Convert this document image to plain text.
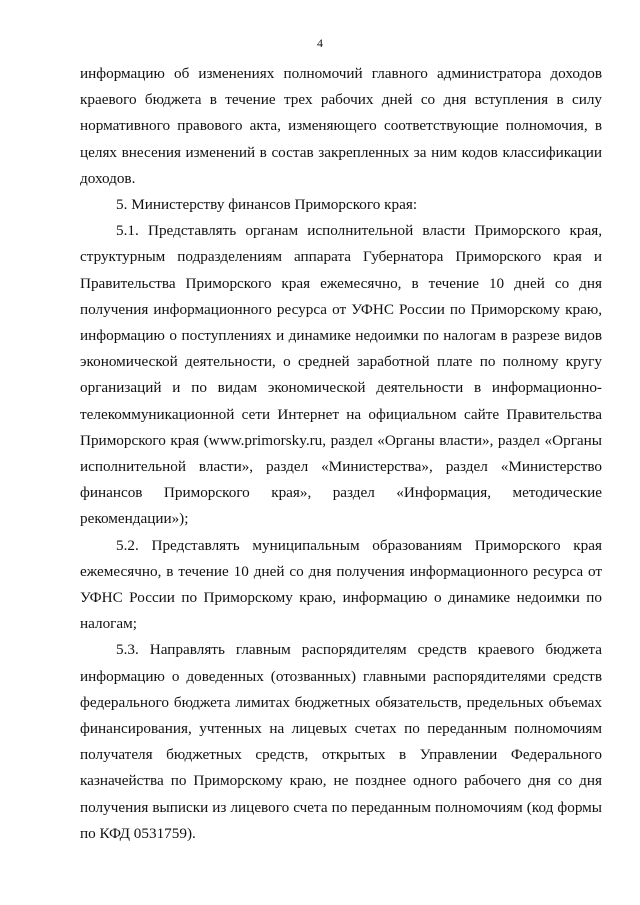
4

информацию об изменениях полномочий главного администратора доходов краевого бюджета в течение трех рабочих дней со дня вступления в силу нормативного правового акта, изменяющего соответствующие полномочия, в целях внесения изменений в состав закрепленных за ним кодов классификации доходов.

5. Министерству финансов Приморского края:

5.1. Представлять органам исполнительной власти Приморского края, структурным подразделениям аппарата Губернатора Приморского края и Правительства Приморского края ежемесячно, в течение 10 дней со дня получения информационного ресурса от УФНС России по Приморскому краю, информацию о поступлениях и динамике недоимки по налогам в разрезе видов экономической деятельности, о средней заработной плате по полному кругу организаций и по видам экономической деятельности в информационно-телекоммуникационной сети Интернет на официальном сайте Правительства Приморского края (www.primorsky.ru, раздел «Органы власти», раздел «Органы исполнительной власти», раздел «Министерства», раздел «Министерство финансов Приморского края», раздел «Информация, методические рекомендации»);

5.2. Представлять муниципальным образованиям Приморского края ежемесячно, в течение 10 дней со дня получения информационного ресурса от УФНС России по Приморскому краю, информацию о динамике недоимки по налогам;

5.3. Направлять главным распорядителям средств краевого бюджета информацию о доведенных (отозванных) главными распорядителями средств федерального бюджета лимитах бюджетных обязательств, предельных объемах финансирования, учтенных на лицевых счетах по переданным полномочиям получателя бюджетных средств, открытых в Управлении Федерального казначейства по Приморскому краю, не позднее одного рабочего дня со дня получения выписки из лицевого счета по переданным полномочиям (код формы по КФД 0531759).
